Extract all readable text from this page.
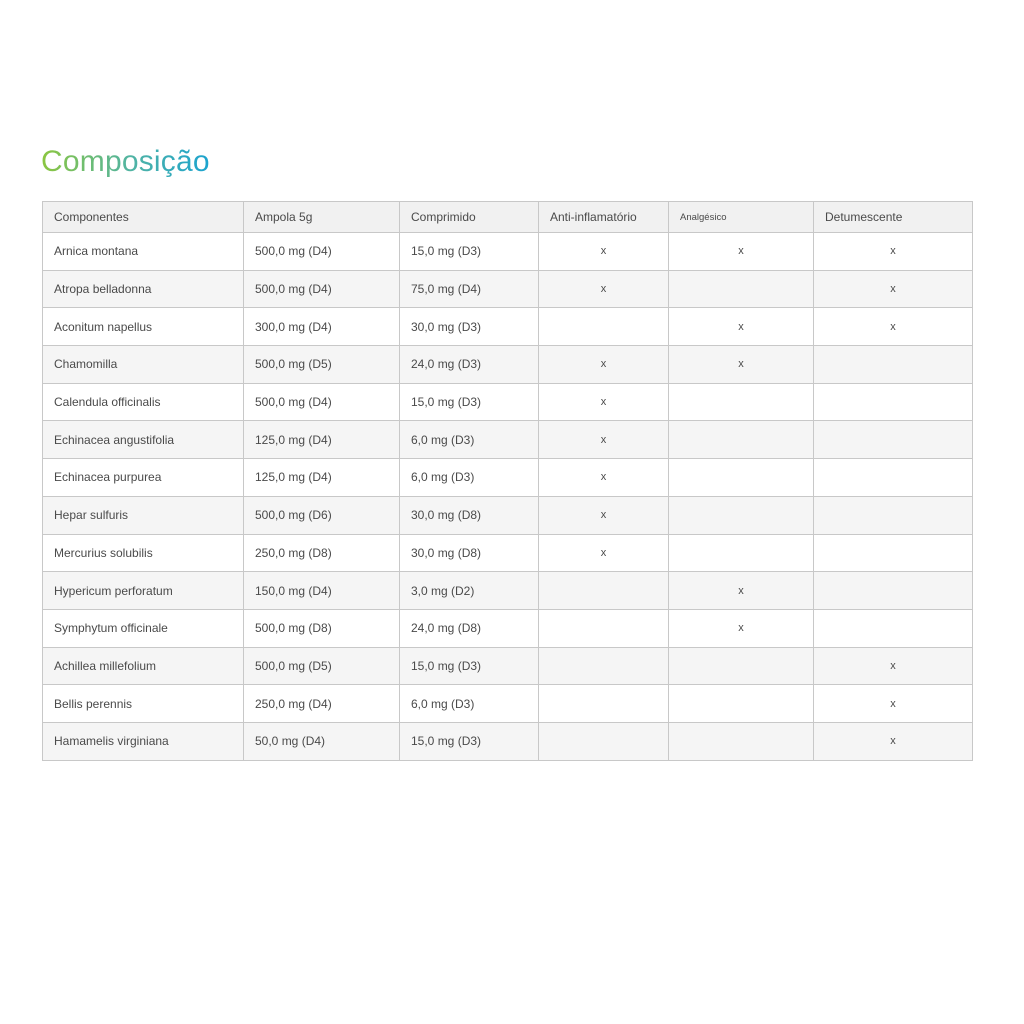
Composição
Componentes	Ampola 5g	Comprimido	Anti-inflamatório	Analgésico	Detumescente
Arnica montana	500,0 mg (D4)	15,0 mg (D3)	x	x	x
Atropa belladonna	500,0 mg (D4)	75,0 mg (D4)	x		x
Aconitum napellus	300,0 mg (D4)	30,0 mg (D3)		x	x
Chamomilla	500,0 mg (D5)	24,0 mg (D3)	x	x	
Calendula officinalis	500,0 mg (D4)	15,0 mg (D3)	x		
Echinacea angustifolia	125,0 mg (D4)	6,0 mg (D3)	x		
Echinacea purpurea	125,0 mg (D4)	6,0 mg (D3)	x		
Hepar sulfuris	500,0 mg (D6)	30,0 mg (D8)	x		
Mercurius solubilis	250,0 mg (D8)	30,0 mg (D8)	x		
Hypericum perforatum	150,0 mg (D4)	3,0 mg (D2)		x	
Symphytum officinale	500,0 mg (D8)	24,0 mg (D8)		x	
Achillea millefolium	500,0 mg (D5)	15,0 mg (D3)			x
Bellis perennis	250,0 mg (D4)	6,0 mg (D3)			x
Hamamelis virginiana	50,0 mg (D4)	15,0 mg (D3)			x
